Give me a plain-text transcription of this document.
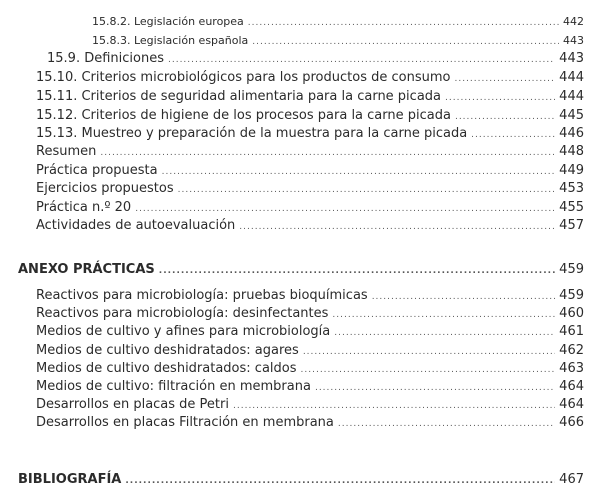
15.8.2. Legislación europea .....	442
15.8.3. Legislación española .....	443
15.9. Definiciones .....	443
15.10. Criterios microbiológicos para los productos de consumo .....	444
15.11. Criterios de seguridad alimentaria para la carne picada .....	444
15.12. Criterios de higiene de los procesos para la carne picada .....	445
15.13. Muestreo y preparación de la muestra para la carne picada .....	446
Resumen .....	448
Práctica propuesta .....	449
Ejercicios propuestos .....	453
Práctica n.º 20 .....	455
Actividades de autoevaluación .....	457
ANEXO PRÁCTICAS .....	459
Reactivos para microbiología: pruebas bioquímicas .....	459
Reactivos para microbiología: desinfectantes .....	460
Medios de cultivo y afines para microbiología .....	461
Medios de cultivo deshidratados: agares .....	462
Medios de cultivo deshidratados: caldos .....	463
Medios de cultivo: filtración en membrana .....	464
Desarrollos en placas de Petri .....	464
Desarrollos en placas Filtración en membrana .....	466
BIBLIOGRAFÍA .....	467
